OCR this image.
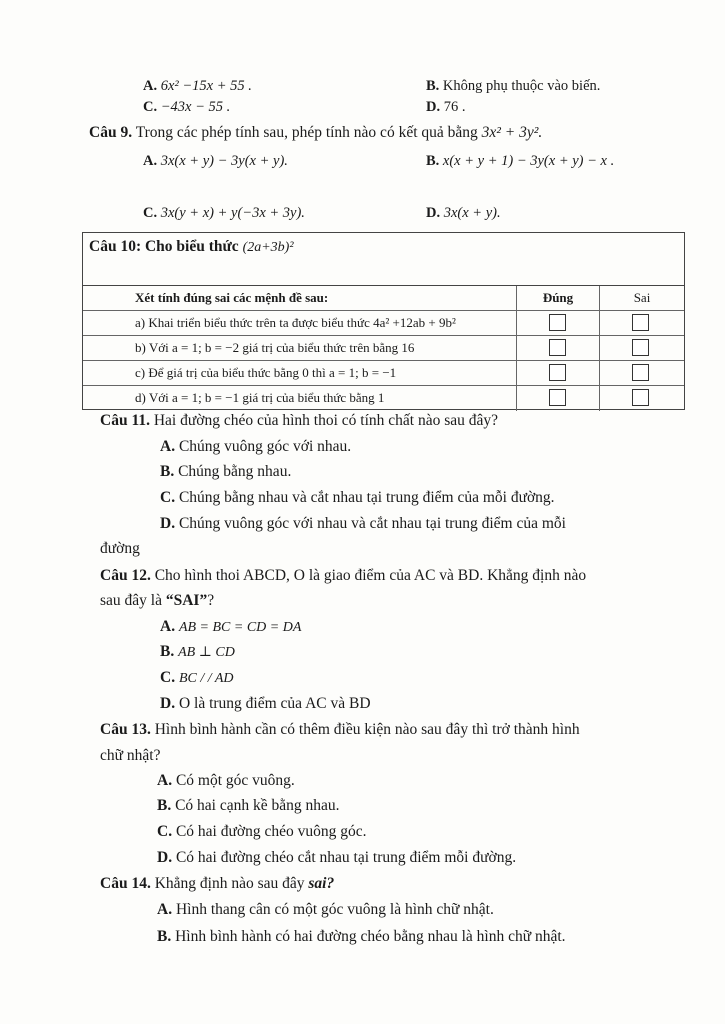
A. 6x² −15x + 55 .	B. Không phụ thuộc vào biến.
C. −43x − 55 .	D. 76 .
Câu 9. Trong các phép tính sau, phép tính nào có kết quả bằng 3x² + 3y².
A. 3x(x + y) − 3y(x + y).	B. x(x + y + 1) − 3y(x + y) − x .
C. 3x(y + x) + y(−3x + 3y).	D. 3x(x + y).
Câu 10: Cho biểu thức (2a+3b)²
Xét tính đúng sai các mệnh đề sau:	Đúng	Sai
a) Khai triển biểu thức trên ta được biểu thức 4a² +12ab + 9b²
b) Với a = 1; b = −2 giá trị của biểu thức trên bằng 16
c) Để giá trị của biểu thức bằng 0 thì a = 1; b = −1
d) Với a = 1; b = −1 giá trị của biểu thức bằng 1
Câu 11. Hai đường chéo của hình thoi có tính chất nào sau đây?
A. Chúng vuông góc với nhau.
B. Chúng bằng nhau.
C. Chúng bằng nhau và cắt nhau tại trung điểm của mỗi đường.
D. Chúng vuông góc với nhau và cắt nhau tại trung điểm của mỗi
đường
Câu 12. Cho hình thoi ABCD, O là giao điểm của AC và BD. Khẳng định nào
sau đây là “SAI”?
A. AB = BC = CD = DA
B. AB ⊥ CD
C. BC / / AD
D. O là trung điểm của AC và BD
Câu 13. Hình bình hành cần có thêm điều kiện nào sau đây thì trở thành hình
chữ nhật?
A. Có một góc vuông.
B. Có hai cạnh kề bằng nhau.
C. Có hai đường chéo vuông góc.
D. Có hai đường chéo cắt nhau tại trung điểm mỗi đường.
Câu 14. Khẳng định nào sau đây sai?
A. Hình thang cân có một góc vuông là hình chữ nhật.
B. Hình bình hành có hai đường chéo bằng nhau là hình chữ nhật.
